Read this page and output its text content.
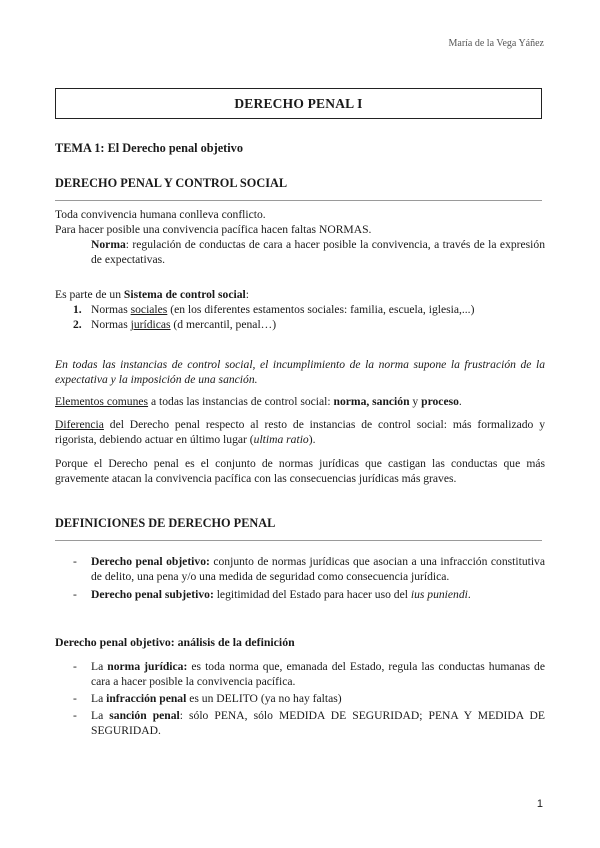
María de la Vega Yáñez
DERECHO PENAL I
TEMA 1: El Derecho penal objetivo
DERECHO PENAL Y CONTROL SOCIAL

Toda convivencia humana conlleva conflicto.

Para hacer posible una convivencia pacífica hacen faltas NORMAS.

Norma: regulación de conductas de cara a hacer posible la convivencia, a través de la expresión de expectativas.

Es parte de un Sistema de control social:

1. Normas sociales (en los diferentes estamentos sociales: familia, escuela, iglesia,...)
2. Normas jurídicas (d mercantil, penal…)

En todas las instancias de control social, el incumplimiento de la norma supone la frustración de la expectativa y la imposición de una sanción.

Elementos comunes a todas las instancias de control social: norma, sanción y proceso.

Diferencia del Derecho penal respecto al resto de instancias de control social: más formalizado y rigorista, debiendo actuar en último lugar (ultima ratio).

Porque el Derecho penal es el conjunto de normas jurídicas que castigan las conductas que más gravemente atacan la convivencia pacífica con las consecuencias jurídicas más graves.

DEFINICIONES DE DERECHO PENAL
- Derecho penal objetivo: conjunto de normas jurídicas que asocian a una infracción constitutiva de delito, una pena y/o una medida de seguridad como consecuencia jurídica.
- Derecho penal subjetivo: legitimidad del Estado para hacer uso del ius puniendi.
Derecho penal objetivo: análisis de la definición
- La norma jurídica: es toda norma que, emanada del Estado, regula las conductas humanas de cara a hacer posible la convivencia pacífica.
- La infracción penal es un DELITO (ya no hay faltas)
- La sanción penal: sólo PENA, sólo MEDIDA DE SEGURIDAD; PENA Y MEDIDA DE SEGURIDAD.
1
